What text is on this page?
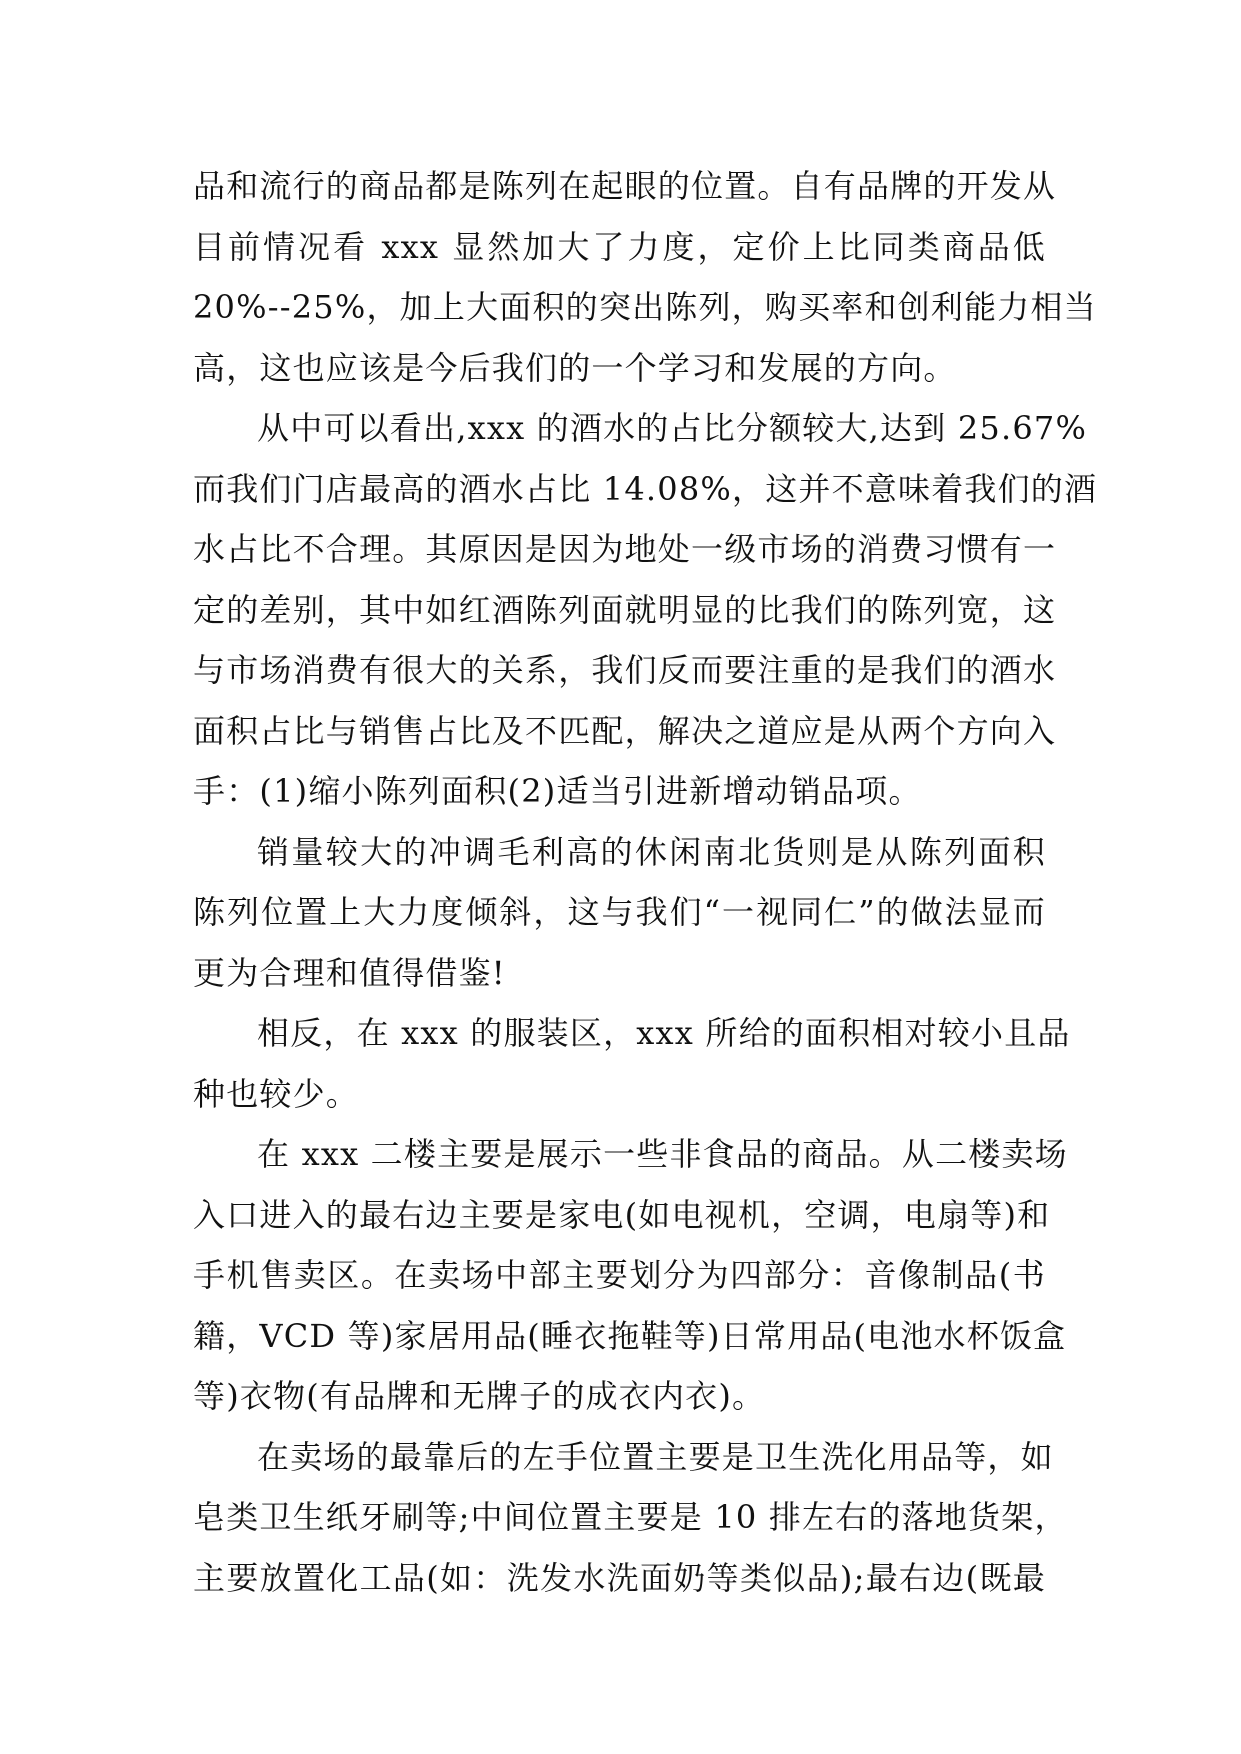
品和流行的商品都是陈列在起眼的位置。自有品牌的开发从
目前情况看 xxx 显然加大了力度，定价上比同类商品低
20%--25%，加上大面积的突出陈列，购买率和创利能力相当
高，这也应该是今后我们的一个学习和发展的方向。
从中可以看出,xxx 的酒水的占比分额较大,达到 25.67%
而我们门店最高的酒水占比 14.08%，这并不意味着我们的酒
水占比不合理。其原因是因为地处一级市场的消费习惯有一
定的差别，其中如红酒陈列面就明显的比我们的陈列宽，这
与市场消费有很大的关系，我们反而要注重的是我们的酒水
面积占比与销售占比及不匹配，解决之道应是从两个方向入
手：(1)缩小陈列面积(2)适当引进新增动销品项。
销量较大的冲调毛利高的休闲南北货则是从陈列面积
陈列位置上大力度倾斜，这与我们“一视同仁”的做法显而
更为合理和值得借鉴!
相反，在 xxx 的服装区，xxx 所给的面积相对较小且品
种也较少。
在 xxx 二楼主要是展示一些非食品的商品。从二楼卖场
入口进入的最右边主要是家电(如电视机，空调，电扇等)和
手机售卖区。在卖场中部主要划分为四部分：音像制品(书
籍，VCD 等)家居用品(睡衣拖鞋等)日常用品(电池水杯饭盒
等)衣物(有品牌和无牌子的成衣内衣)。
在卖场的最靠后的左手位置主要是卫生洗化用品等，如
皂类卫生纸牙刷等;中间位置主要是 10 排左右的落地货架，
主要放置化工品(如：洗发水洗面奶等类似品);最右边(既最
